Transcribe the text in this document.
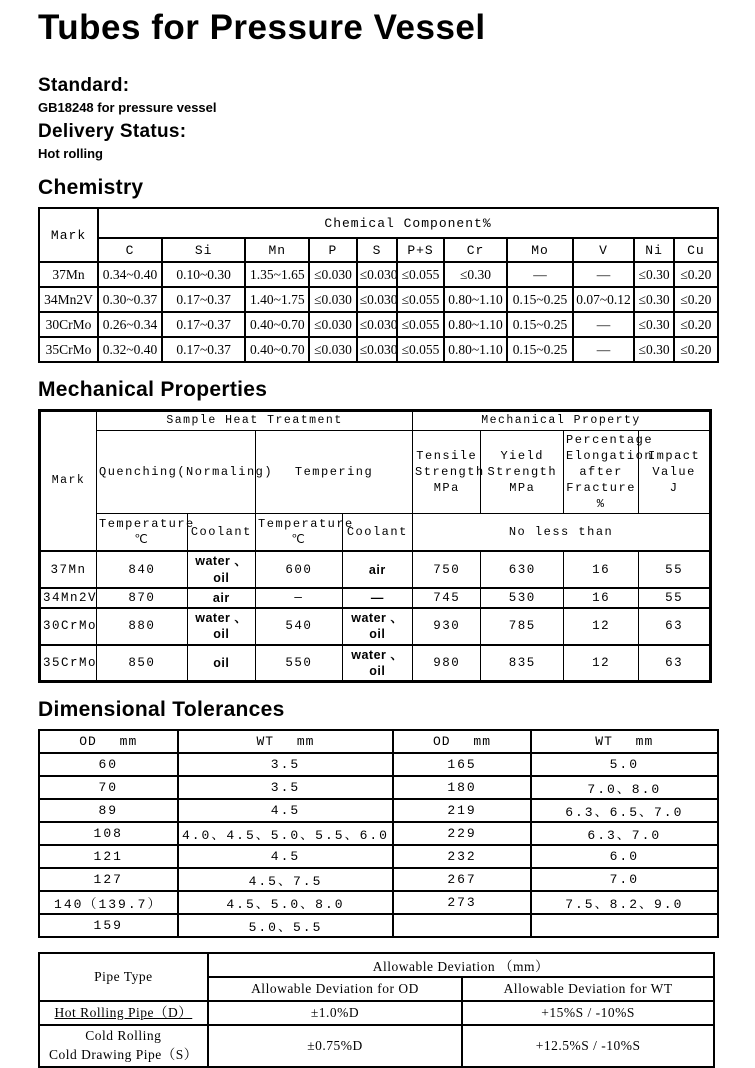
Tubes for Pressure Vessel

Standard:

GB18248 for pressure vessel

Delivery Status:

Hot rolling

Chemistry
Mark	Chemical Component%										
	C	Si	Mn	P	S	P+S	Cr	Mo	V	Ni	Cu
37Mn	0.34~0.40	0.10~0.30	1.35~1.65	≤0.030	≤0.030	≤0.055	≤0.30	—	—	≤0.30	≤0.20
34Mn2V	0.30~0.37	0.17~0.37	1.40~1.75	≤0.030	≤0.030	≤0.055	0.80~1.10	0.15~0.25	0.07~0.12	≤0.30	≤0.20
30CrMo	0.26~0.34	0.17~0.37	0.40~0.70	≤0.030	≤0.030	≤0.055	0.80~1.10	0.15~0.25	—	≤0.30	≤0.20
35CrMo	0.32~0.40	0.17~0.37	0.40~0.70	≤0.030	≤0.030	≤0.055	0.80~1.10	0.15~0.25	—	≤0.30	≤0.20
Mechanical Properties
Mark	Sample Heat Treatment				Mechanical Property			
	Quenching(Normaling)		Tempering		Tensile
Strength
MPa	Yield
Strength
MPa	Percentage
Elongation
after
Fracture
%	Impact
Value
J
	Temperature
℃	Coolant	Temperature
℃	Coolant	No less than			
37Mn	840	water 、
oil	600	air	750	630	16	55
34Mn2V	870	air	—	—	745	530	16	55
30CrMo	880	water 、
oil	540	water 、
oil	930	785	12	63
35CrMo	850	oil	550	water 、
oil	980	835	12	63
Dimensional Tolerances
OD mm	WT mm	OD mm	WT mm
60	3.5	165	5.0
70	3.5	180	7.0、8.0
89	4.5	219	6.3、6.5、7.0
108	4.0、4.5、5.0、5.5、6.0	229	6.3、7.0
121	4.5	232	6.0
127	4.5、7.5	267	7.0
140（139.7）	4.5、5.0、8.0	273	7.5、8.2、9.0
159	5.0、5.5		
Pipe Type	Allowable Deviation （mm）	
	Allowable Deviation for OD	Allowable Deviation for WT
Hot Rolling Pipe（D）	±1.0%D	+15%S / -10%S
Cold Rolling
Cold Drawing Pipe（S）	±0.75%D	+12.5%S / -10%S
